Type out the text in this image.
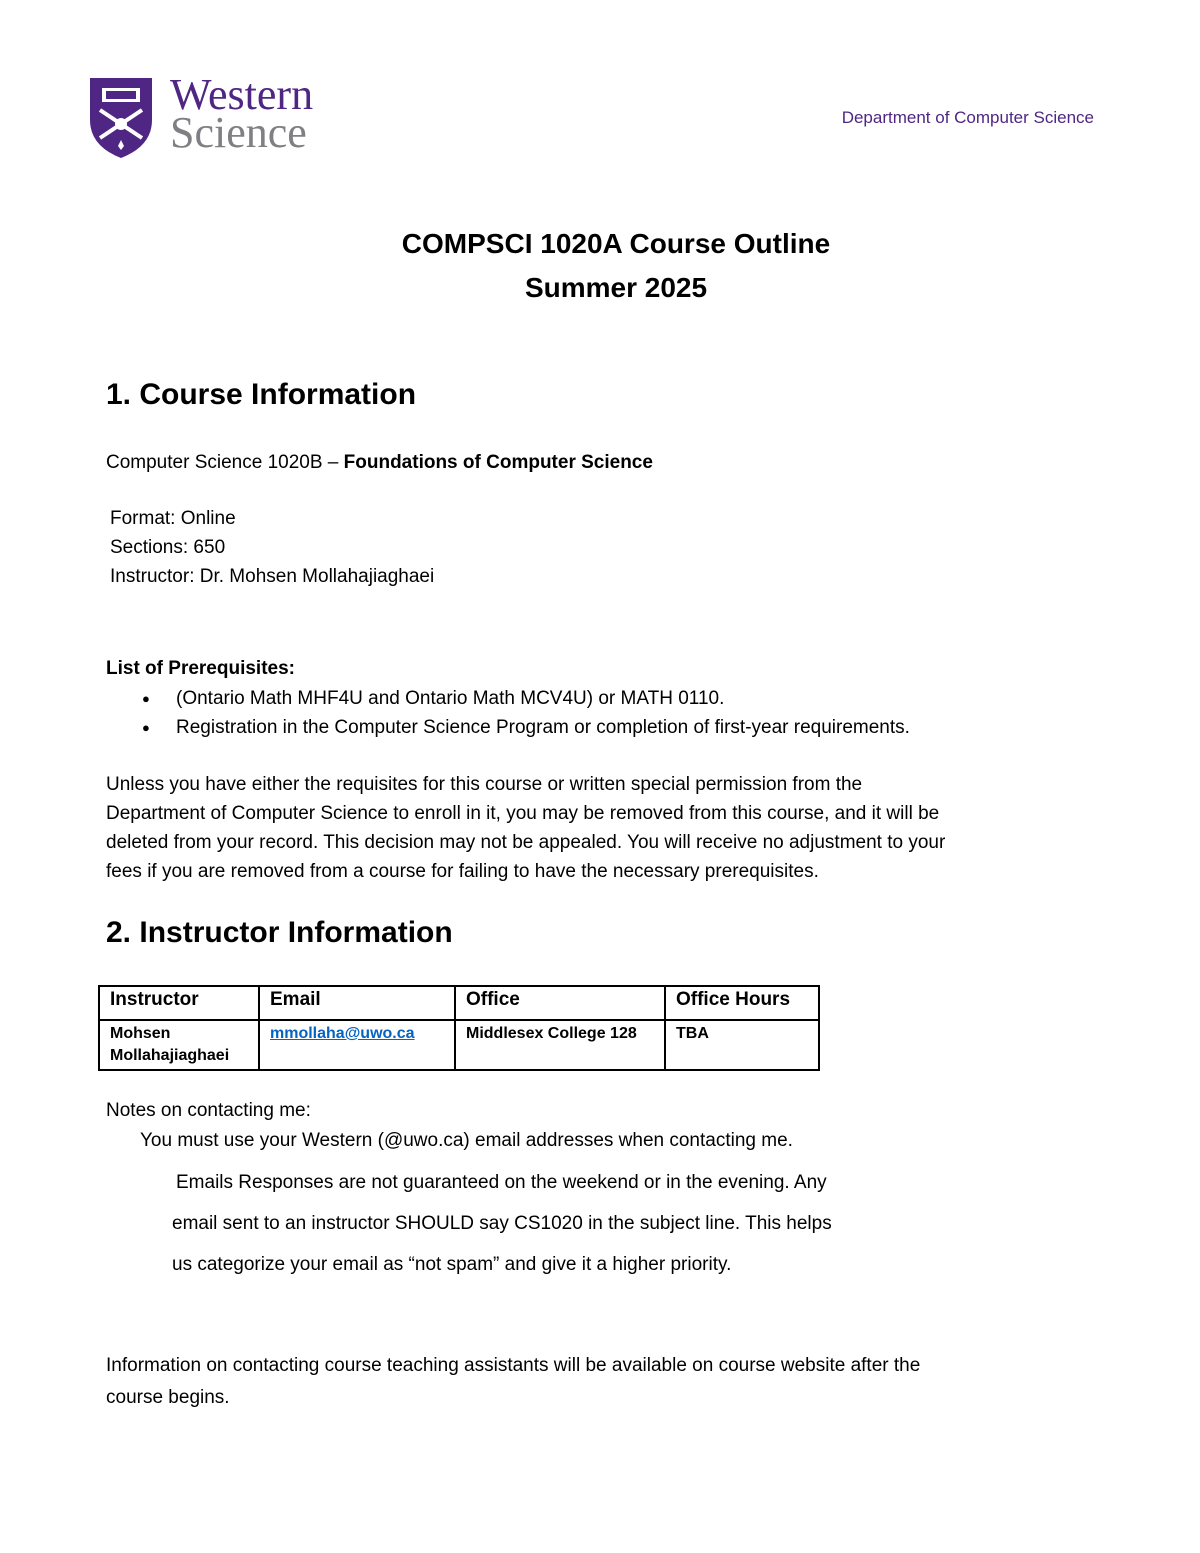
Western
Science	Department of Computer Science
COMPSCI 1020A Course Outline
Summer 2025
1. Course Information
Computer Science 1020B – Foundations of Computer Science
Format: Online
Sections: 650
Instructor: Dr. Mohsen Mollahajiaghaei
List of Prerequisites:
● (Ontario Math MHF4U and Ontario Math MCV4U) or MATH 0110.
● Registration in the Computer Science Program or completion of first-year requirements.
Unless you have either the requisites for this course or written special permission from the
Department of Computer Science to enroll in it, you may be removed from this course, and it will be
deleted from your record. This decision may not be appealed. You will receive no adjustment to your
fees if you are removed from a course for failing to have the necessary prerequisites.
2. Instructor Information
Instructor	Email	Office	Office Hours

Mohsen
Mollahajiaghaei	mmollaha@uwo.ca	Middlesex College 128	TBA
Notes on contacting me:
You must use your Western (@uwo.ca) email addresses when contacting me.
Emails Responses are not guaranteed on the weekend or in the evening. Any
email sent to an instructor SHOULD say CS1020 in the subject line. This helps
us categorize your email as “not spam” and give it a higher priority.
Information on contacting course teaching assistants will be available on course website after the
course begins.
